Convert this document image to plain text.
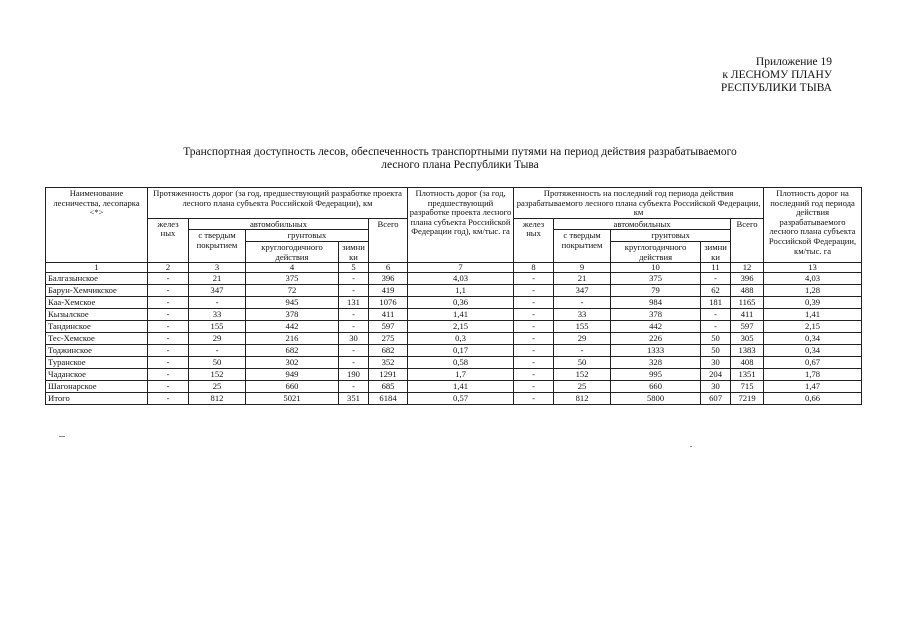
Приложение 19
к ЛЕСНОМУ ПЛАНУ
РЕСПУБЛИКИ ТЫВА
Транспортная доступность лесов, обеспеченность транспортными путями на период действия разрабатываемого
лесного плана Республики Тыва
Наименование лесничества, лесопарка <*>	Протяженность дорог (за год, предшествующий разработке проекта лесного плана субъекта Российской Федерации), км					Плотность дорог (за год, предшествующий разработке проекта лесного плана субъекта Российской Федерации год), км/тыс. га	Протяженность на последний год периода действия разрабатываемого лесного плана субъекта Российской Федерации, км					Плотность дорог на последний год периода действия разрабатываемого лесного плана субъекта Российской Федерации, км/тыс. га
	желез ных	автомобильных			Всего		желез ных	автомобильных			Всего	
		с твердым покрытием	грунтовых					с твердым покрытием	грунтовых			
			круглогодичного действия	зимни ки					круглогодичного действия	зимни ки		
1	2	3	4	5	6	7	8	9	10	11	12	13
Балгазынское	-	21	375	-	396	4,03	-	21	375	-	396	4,03
Барун-Хемчикское	-	347	72	-	419	1,1	-	347	79	62	488	1,28
Каа-Хемское	-	-	945	131	1076	0,36	-	-	984	181	1165	0,39
Кызылское	-	33	378	-	411	1,41	-	33	378	-	411	1,41
Тандинское	-	155	442	-	597	2,15	-	155	442	-	597	2,15
Тес-Хемское	-	29	216	30	275	0,3	-	29	226	50	305	0,34
Тоджинское	-	-	682	-	682	0,17	-	-	1333	50	1383	0,34
Туранское	-	50	302	-	352	0,58	-	50	328	30	408	0,67
Чаданское	-	152	949	190	1291	1,7	-	152	995	204	1351	1,78
Шагонарское	-	25	660	-	685	1,41	-	25	660	30	715	1,47
Итого	-	812	5021	351	6184	0,57	-	812	5800	607	7219	0,66
